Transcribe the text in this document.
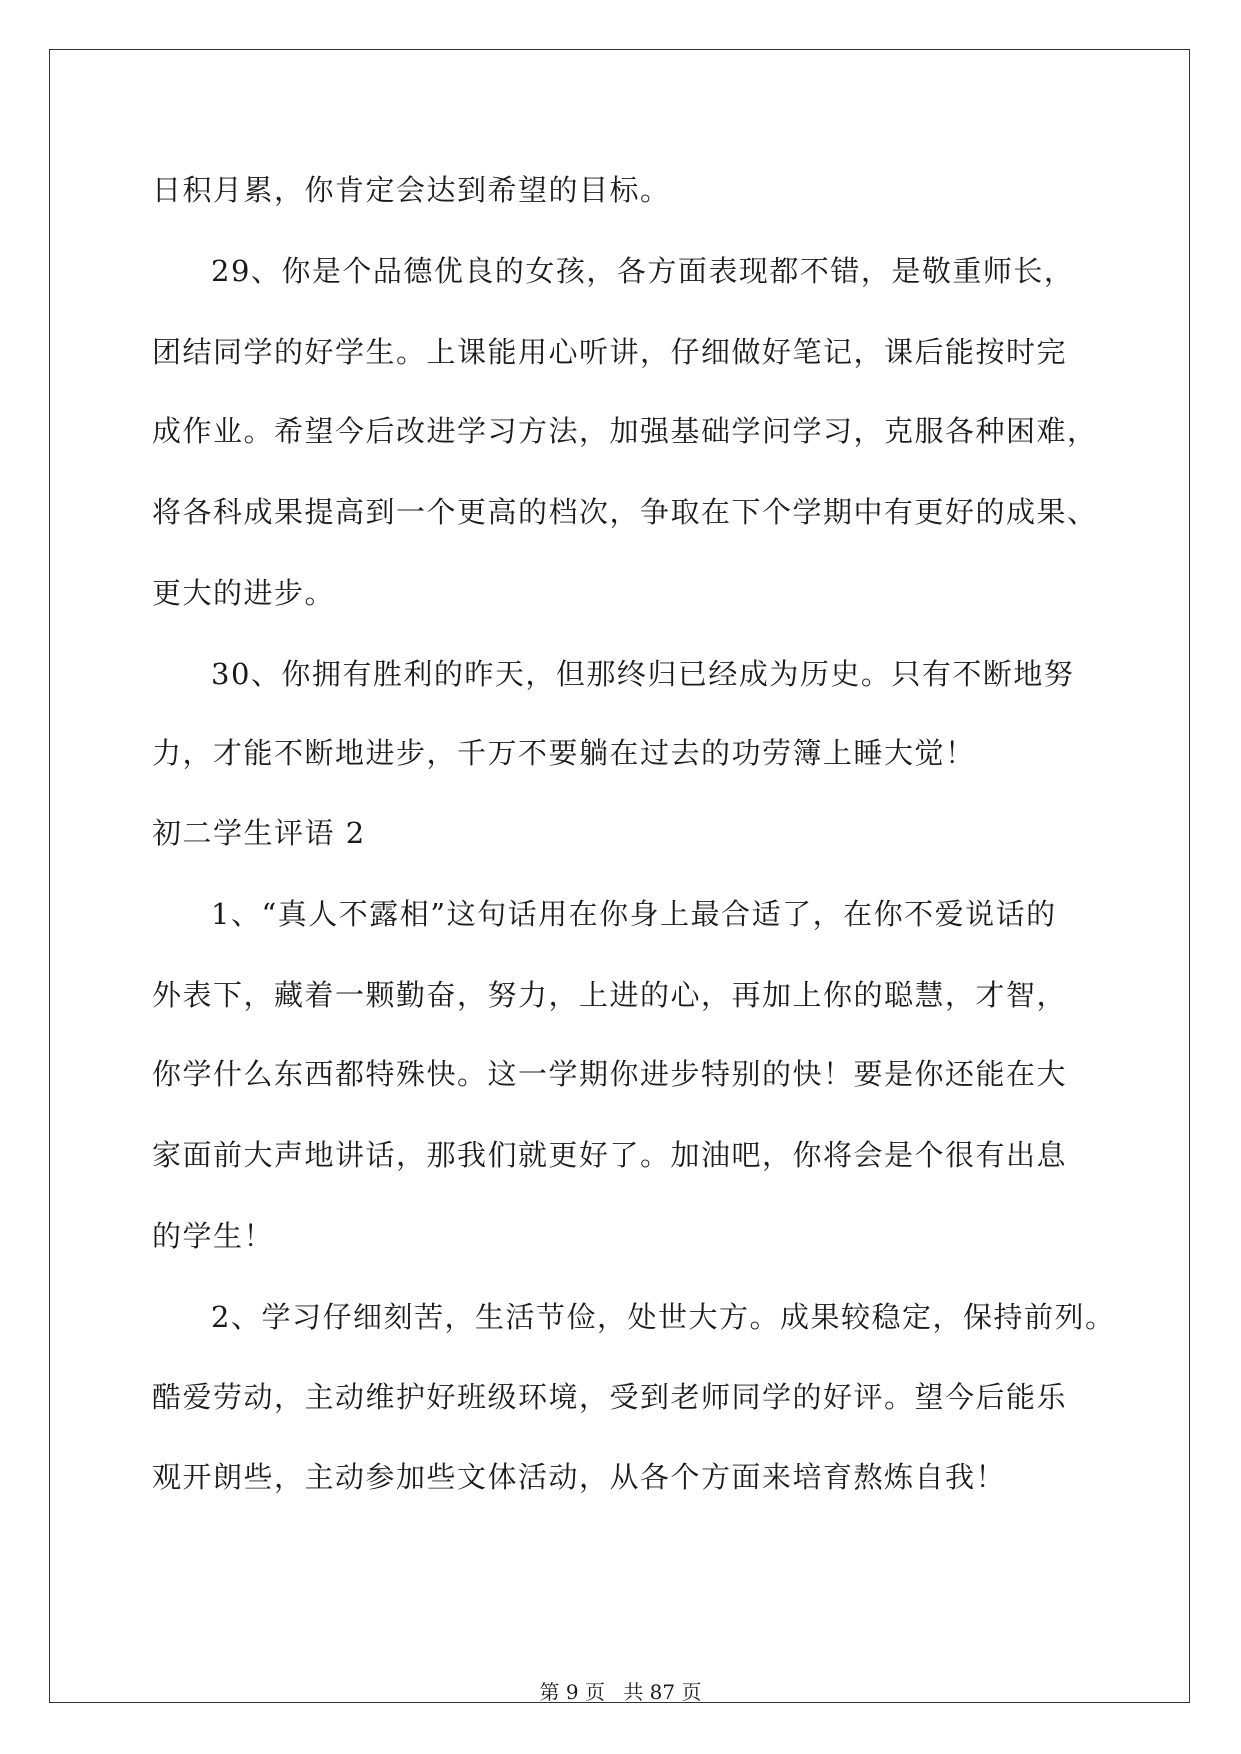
日积月累，你肯定会达到希望的目标。
29、你是个品德优良的女孩，各方面表现都不错，是敬重师长，
团结同学的好学生。上课能用心听讲，仔细做好笔记，课后能按时完
成作业。希望今后改进学习方法，加强基础学问学习，克服各种困难，
将各科成果提高到一个更高的档次，争取在下个学期中有更好的成果、
更大的进步。
30、你拥有胜利的昨天，但那终归已经成为历史。只有不断地努
力，才能不断地进步，千万不要躺在过去的功劳簿上睡大觉！
初二学生评语 2
1、“真人不露相”这句话用在你身上最合适了，在你不爱说话的
外表下，藏着一颗勤奋，努力，上进的心，再加上你的聪慧，才智，
你学什么东西都特殊快。这一学期你进步特别的快！要是你还能在大
家面前大声地讲话，那我们就更好了。加油吧，你将会是个很有出息
的学生！
2、学习仔细刻苦，生活节俭，处世大方。成果较稳定，保持前列。
酷爱劳动，主动维护好班级环境，受到老师同学的好评。望今后能乐
观开朗些，主动参加些文体活动，从各个方面来培育熬炼自我！
第 9 页 共 87 页
